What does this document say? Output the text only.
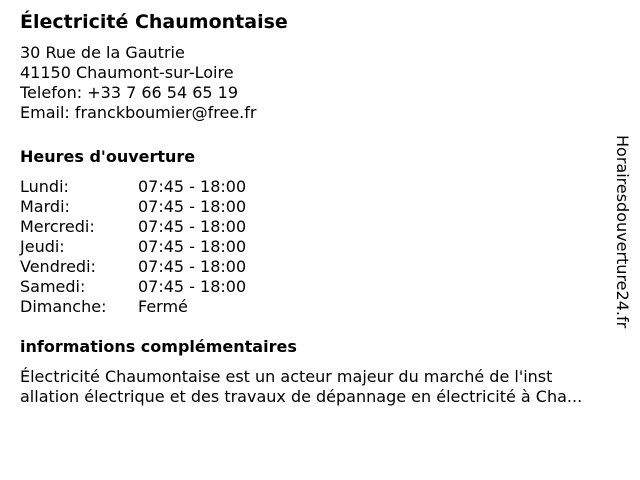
Électricité Chaumontaise
30 Rue de la Gautrie
41150 Chaumont-sur-Loire
Telefon: +33 7 66 54 65 19
Email: franckboumier@free.fr
Heures d'ouverture
Lundi:	07:45 - 18:00
Mardi:	07:45 - 18:00
Mercredi:	07:45 - 18:00
Jeudi:	07:45 - 18:00
Vendredi:	07:45 - 18:00
Samedi:	07:45 - 18:00
Dimanche:	Fermé
informations complémentaires
Électricité Chaumontaise est un acteur majeur du marché de l'inst
allation électrique et des travaux de dépannage en électricité à Cha...
Horairesdouverture24.fr
